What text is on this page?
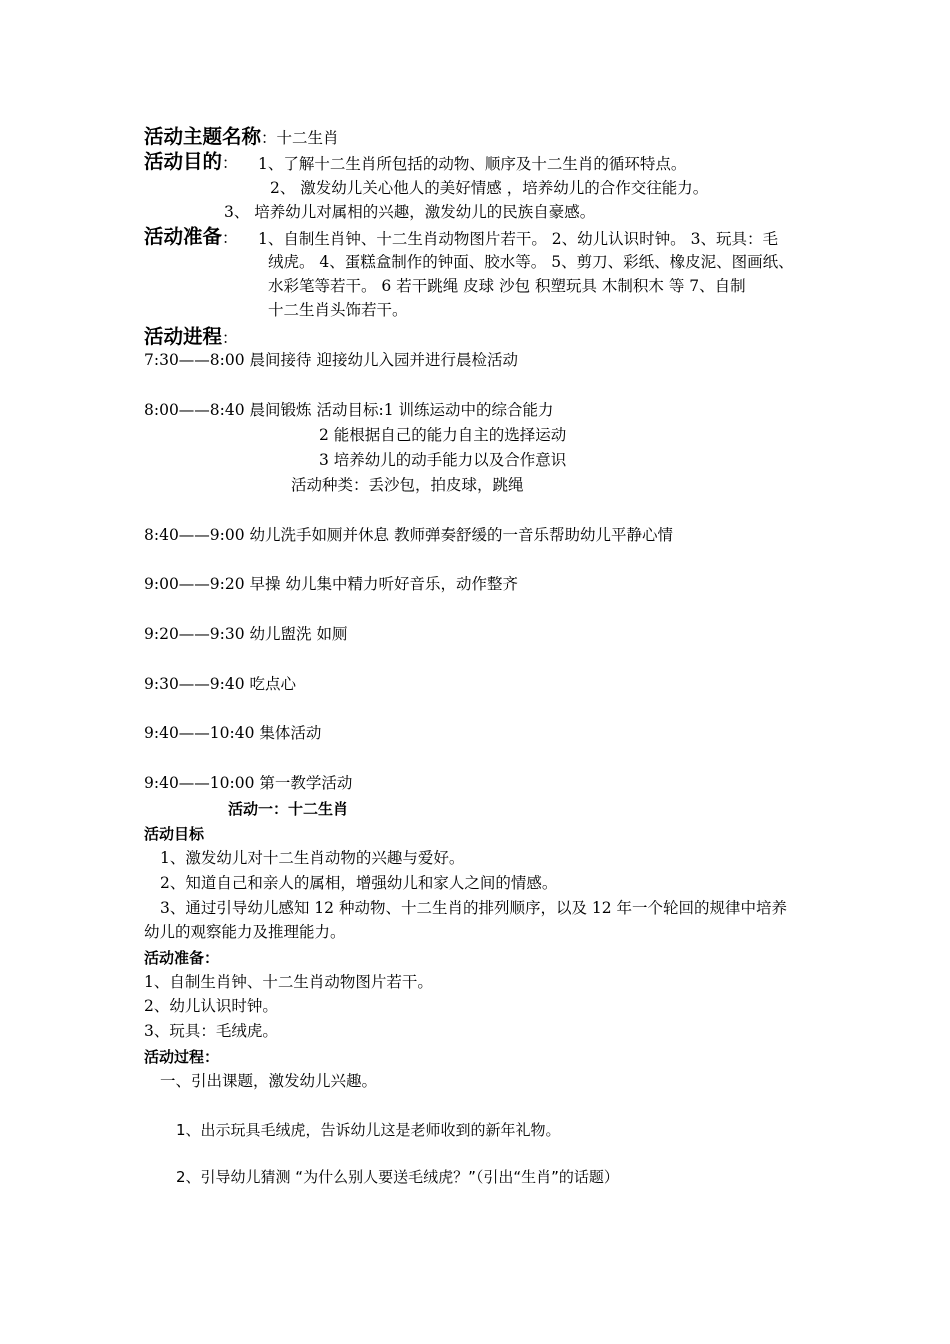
活动主题名称：十二生肖
活动目的： 1、了解十二生肖所包括的动物、顺序及十二生肖的循环特点。
2、 激发幼儿关心他人的美好情感 ，培养幼儿的合作交往能力。
3、 培养幼儿对属相的兴趣，激发幼儿的民族自豪感。
活动准备： 1、自制生肖钟、十二生肖动物图片若干。 2、幼儿认识时钟。 3、玩具：毛
绒虎。 4、蛋糕盒制作的钟面、胶水等。 5、剪刀、彩纸、橡皮泥、图画纸、
水彩笔等若干。 6 若干跳绳 皮球 沙包 积塑玩具 木制积木 等 7、自制
十二生肖头饰若干。
活动进程：
7:30——8:00 晨间接待 迎接幼儿入园并进行晨检活动
8:00——8:40 晨间锻炼 活动目标:1 训练运动中的综合能力
2 能根据自己的能力自主的选择运动
3 培养幼儿的动手能力以及合作意识
活动种类：丢沙包，拍皮球，跳绳
8:40——9:00 幼儿洗手如厕并休息 教师弹奏舒缓的一音乐帮助幼儿平静心情
9:00——9:20 早操 幼儿集中精力听好音乐，动作整齐
9:20——9:30 幼儿盥洗 如厕
9:30——9:40 吃点心
9:40——10:40 集体活动
9:40——10:00 第一教学活动
活动一：十二生肖
活动目标
1、激发幼儿对十二生肖动物的兴趣与爱好。
2、知道自己和亲人的属相，增强幼儿和家人之间的情感。
3、通过引导幼儿感知 12 种动物、十二生肖的排列顺序，以及 12 年一个轮回的规律中培养
幼儿的观察能力及推理能力。
活动准备：
1、自制生肖钟、十二生肖动物图片若干。
2、幼儿认识时钟。
3、玩具：毛绒虎。
活动过程：
一、引出课题，激发幼儿兴趣。
1、出示玩具毛绒虎，告诉幼儿这是老师收到的新年礼物。
2、引导幼儿猜测 “为什么别人要送毛绒虎？”（引出“生肖”的话题）
